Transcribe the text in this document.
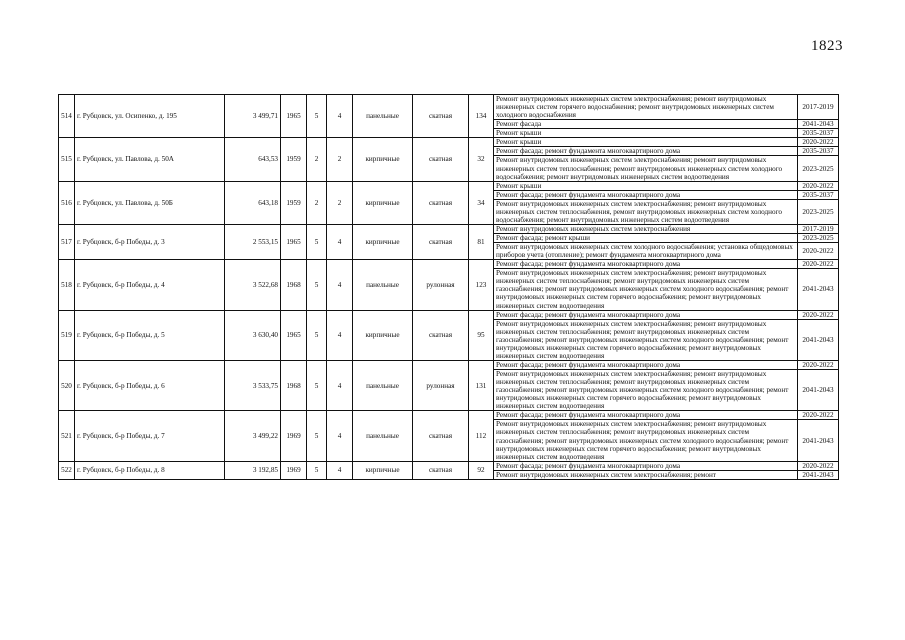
1823
514	г. Рубцовск, ул. Осипенко, д. 195	3 499,71	1965	5	4	панельные	скатная	134	Ремонт внутридомовых инженерных систем электроснабжения; ремонт внутридомовых инженерных систем горячего водоснабжения; ремонт внутридомовых инженерных систем холодного водоснабжения	2017-2019
									Ремонт фасада	2041-2043
									Ремонт крыши	2035-2037
515	г. Рубцовск, ул. Павлова, д. 50А	643,53	1959	2	2	кирпичные	скатная	32	Ремонт крыши	2020-2022
									Ремонт фасада; ремонт фундамента многоквартирного дома	2035-2037
									Ремонт внутридомовых инженерных систем электроснабжения; ремонт внутридомовых инженерных систем теплоснабжения; ремонт внутридомовых инженерных систем холодного водоснабжения; ремонт внутридомовых инженерных систем водоотведения	2023-2025
516	г. Рубцовск, ул. Павлова, д. 50Б	643,18	1959	2	2	кирпичные	скатная	34	Ремонт крыши	2020-2022
									Ремонт фасада; ремонт фундамента многоквартирного дома	2035-2037
									Ремонт внутридомовых инженерных систем электроснабжения; ремонт внутридомовых инженерных систем теплоснабжения, ремонт внутридомовых инженерных систем холодного водоснабжения; ремонт внутридомовых инженерных систем водоотведения	2023-2025
517	г. Рубцовск, б-р Победы, д. 3	2 553,15	1965	5	4	кирпичные	скатная	81	Ремонт внутридомовых инженерных систем электроснабжения	2017-2019
									Ремонт фасада; ремонт крыши	2023-2025
									Ремонт внутридомовых инженерных систем холодного водоснабжения; установка общедомовых приборов учета (отопление); ремонт фундамента многоквартирного дома	2020-2022
518	г. Рубцовск, б-р Победы, д. 4	3 522,68	1968	5	4	панельные	рулонная	123	Ремонт фасада; ремонт фундамента многоквартирного дома	2020-2022
									Ремонт внутридомовых инженерных систем электроснабжения; ремонт внутридомовых инженерных систем теплоснабжения; ремонт внутридомовых инженерных систем газоснабжения; ремонт внутридомовых инженерных систем холодного водоснабжения; ремонт внутридомовых инженерных систем горячего водоснабжения; ремонт внутридомовых инженерных систем водоотведения	2041-2043
519	г. Рубцовск, б-р Победы, д. 5	3 630,40	1965	5	4	кирпичные	скатная	95	Ремонт фасада; ремонт фундамента многоквартирного дома	2020-2022
									Ремонт внутридомовых инженерных систем электроснабжения; ремонт внутридомовых инженерных систем теплоснабжения; ремонт внутридомовых инженерных систем газоснабжения; ремонт внутридомовых инженерных систем холодного водоснабжения; ремонт внутридомовых инженерных систем горячего водоснабжения; ремонт внутридомовых инженерных систем водоотведения	2041-2043
520	г. Рубцовск, б-р Победы, д. 6	3 533,75	1968	5	4	панельные	рулонная	131	Ремонт фасада; ремонт фундамента многоквартирного дома	2020-2022
									Ремонт внутридомовых инженерных систем электроснабжения; ремонт внутридомовых инженерных систем теплоснабжения; ремонт внутридомовых инженерных систем газоснабжения; ремонт внутридомовых инженерных систем холодного водоснабжения; ремонт внутридомовых инженерных систем горячего водоснабжения; ремонт внутридомовых инженерных систем водоотведения	2041-2043
521	г. Рубцовск, б-р Победы, д. 7	3 499,22	1969	5	4	панельные	скатная	112	Ремонт фасада; ремонт фундамента многоквартирного дома	2020-2022
									Ремонт внутридомовых инженерных систем электроснабжения; ремонт внутридомовых инженерных систем теплоснабжения; ремонт внутридомовых инженерных систем газоснабжения; ремонт внутридомовых инженерных систем холодного водоснабжения; ремонт внутридомовых инженерных систем горячего водоснабжения; ремонт внутридомовых инженерных систем водоотведения	2041-2043
522	г. Рубцовск, б-р Победы, д. 8	3 192,85	1969	5	4	кирпичные	скатная	92	Ремонт фасада; ремонт фундамента многоквартирного дома	2020-2022
									Ремонт внутридомовых инженерных систем электроснабжения; ремонт	2041-2043
